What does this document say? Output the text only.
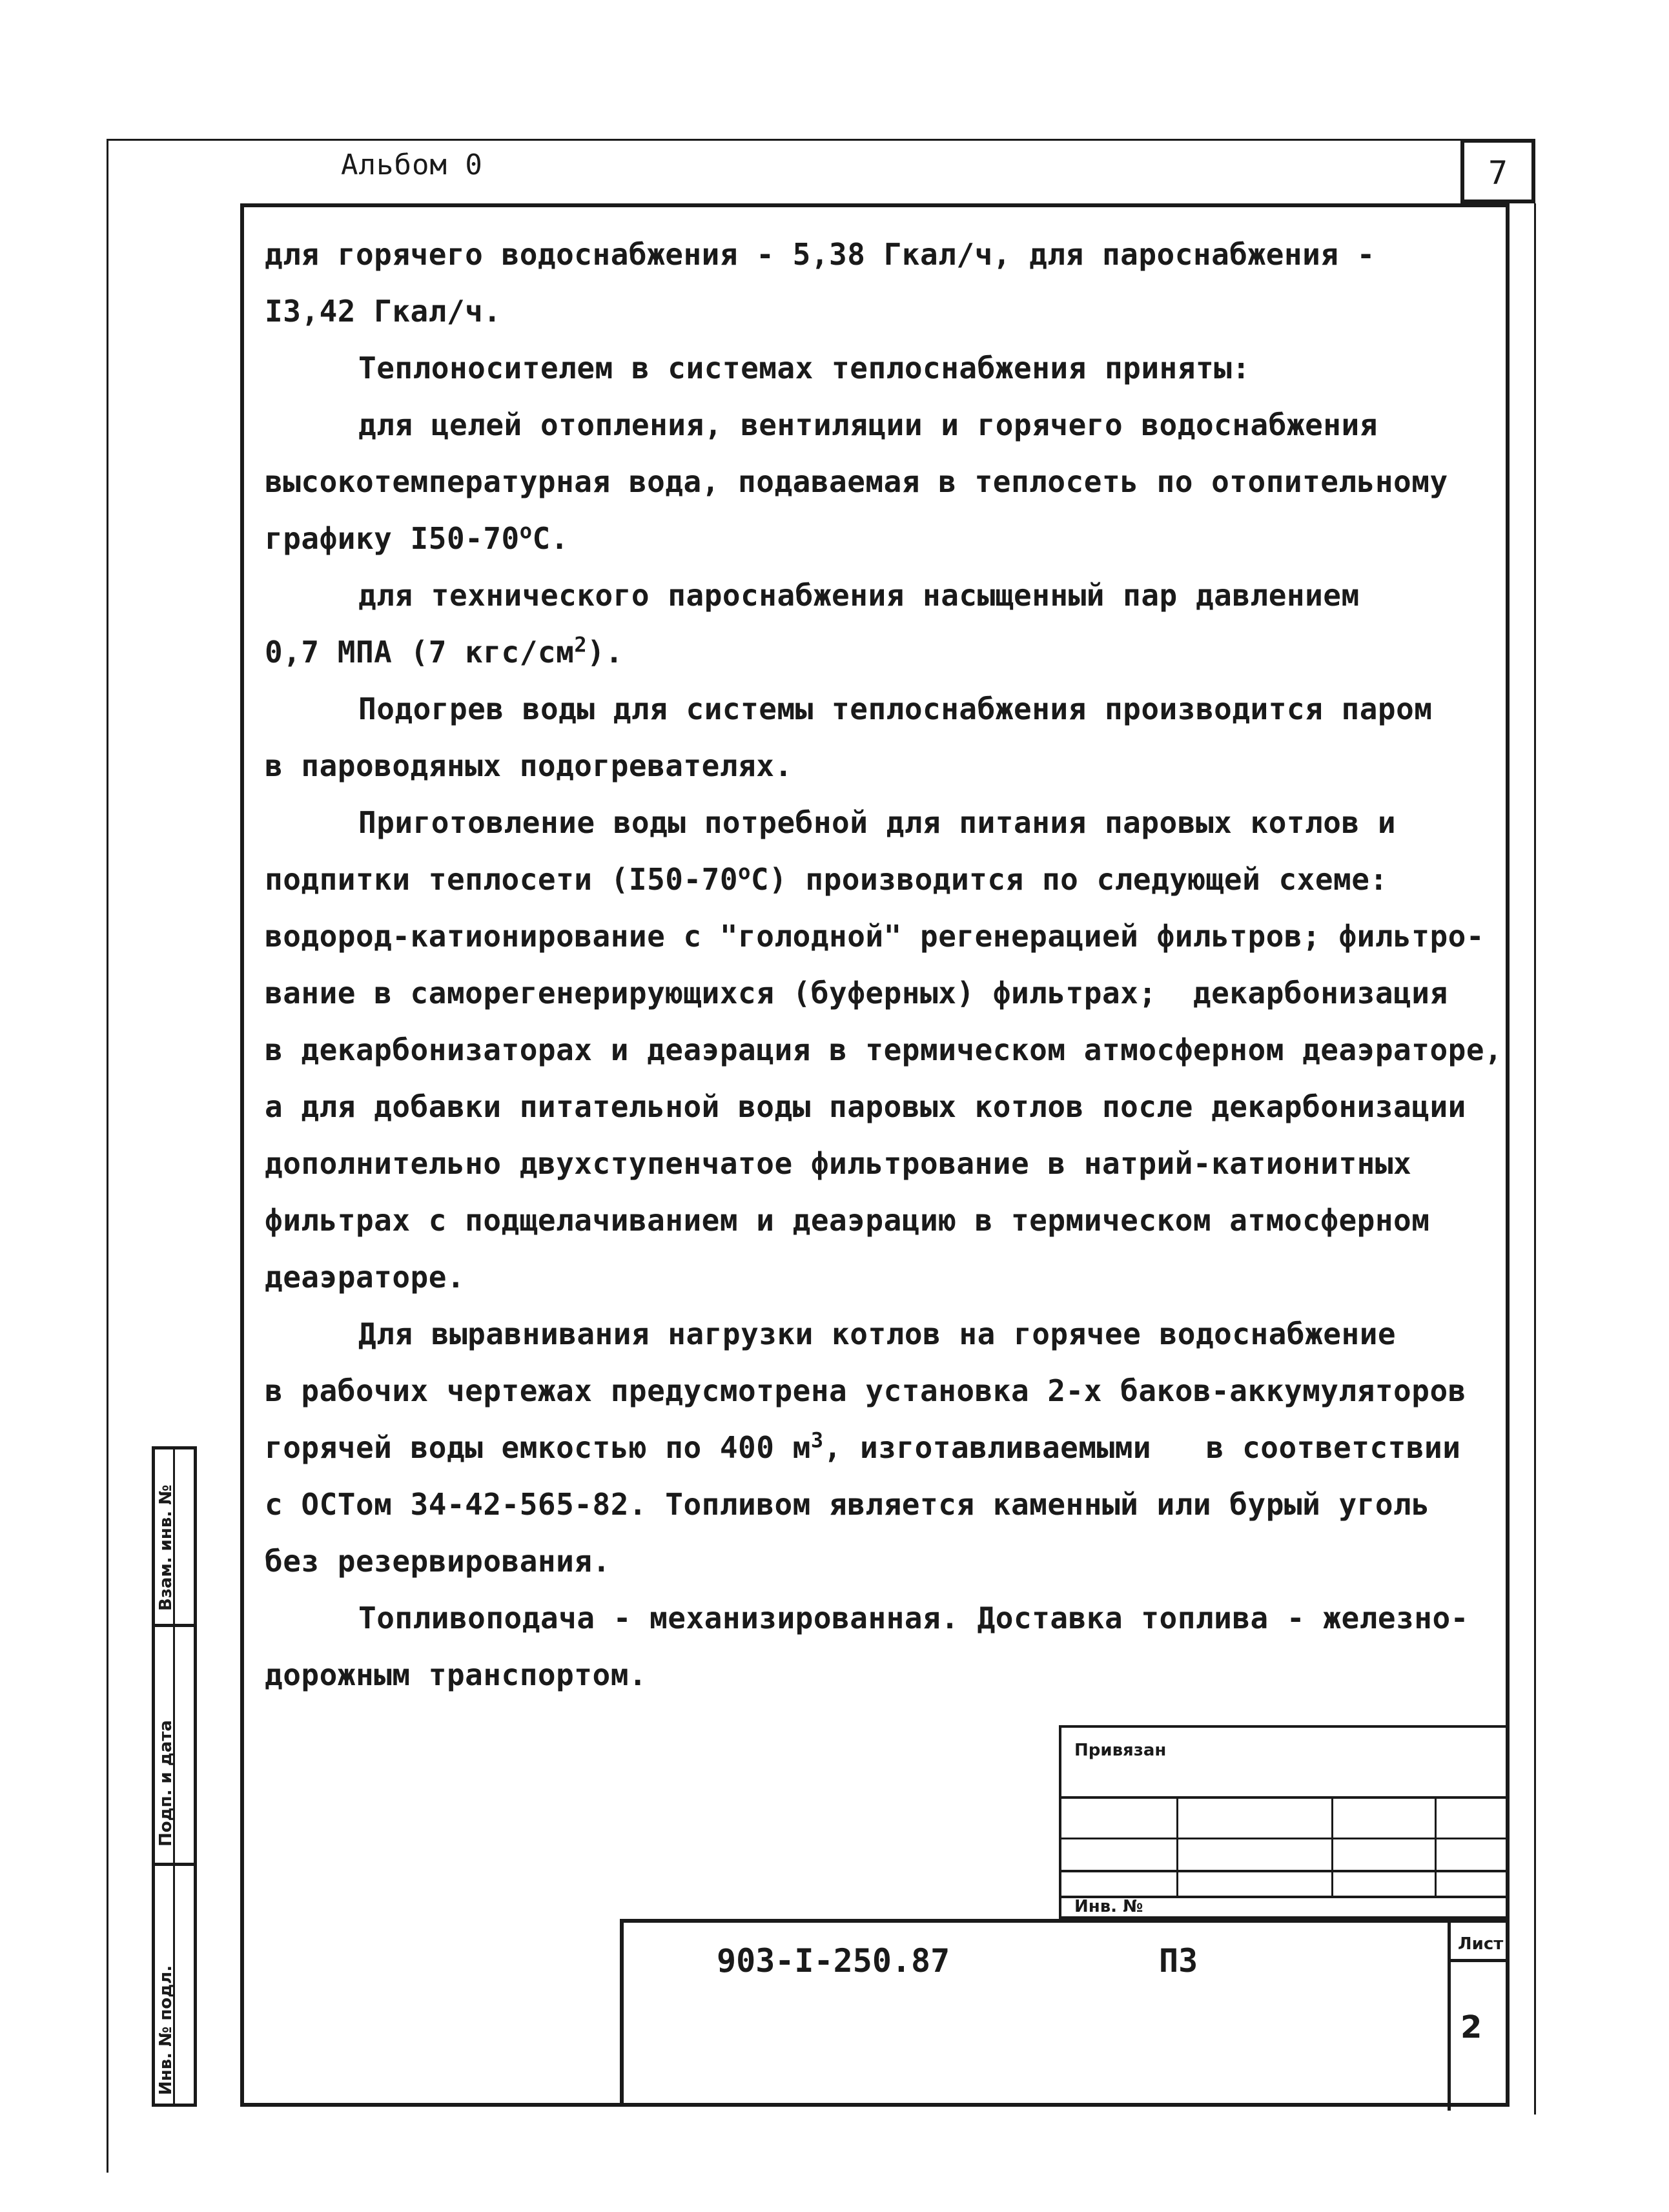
Альбом 0	7

для горячего водоснабжения - 5,38 Гкал/ч, для пароснабжения -

I3,42 Гкал/ч.

Теплоносителем в системах теплоснабжения приняты:

для целей отопления, вентиляции и горячего водоснабжения

высокотемпературная вода, подаваемая в теплосеть по отопительному

графику $I50-70^оС$.

для технического пароснабжения насыщенный пар давлением

0,7 МПА (7 кгс/$см^2$).

Подогрев воды для системы теплоснабжения производится паром

в пароводяных подогревателях.

Приготовление воды потребной для питания паровых котлов и

подпитки теплосети $(I50-70^оС)$ производится по следующей схеме:

водород-катионирование с "голодной" регенерацией фильтров; фильтро-

вание в саморегенерирующихся (буферных) фильтрах;  декарбонизация

в декарбонизаторах и деаэрация в термическом атмосферном деаэраторе,

а для добавки питательной воды паровых котлов после декарбонизации

дополнительно двухступенчатое фильтрование в натрий-катионитных

фильтрах с подщелачиванием и деаэрацию в термическом атмосферном

деаэраторе.

Для выравнивания нагрузки котлов на горячее водоснабжение

в рабочих чертежах предусмотрена установка 2-х баков-аккумуляторов

горячей воды емкостью по 400 $м^3$, изготавливаемыми   в соответствии

с ОСТом 34-42-565-82. Топливом является каменный или бурый уголь

без резервирования.

Топливоподача - механизированная. Доставка топлива - железно-

дорожным транспортом.

Взам. инв. №
Подп. и дата
Инв. № подл.
Привязан
Инв. №
Лист
903-I-250.87	ПЗ
2
